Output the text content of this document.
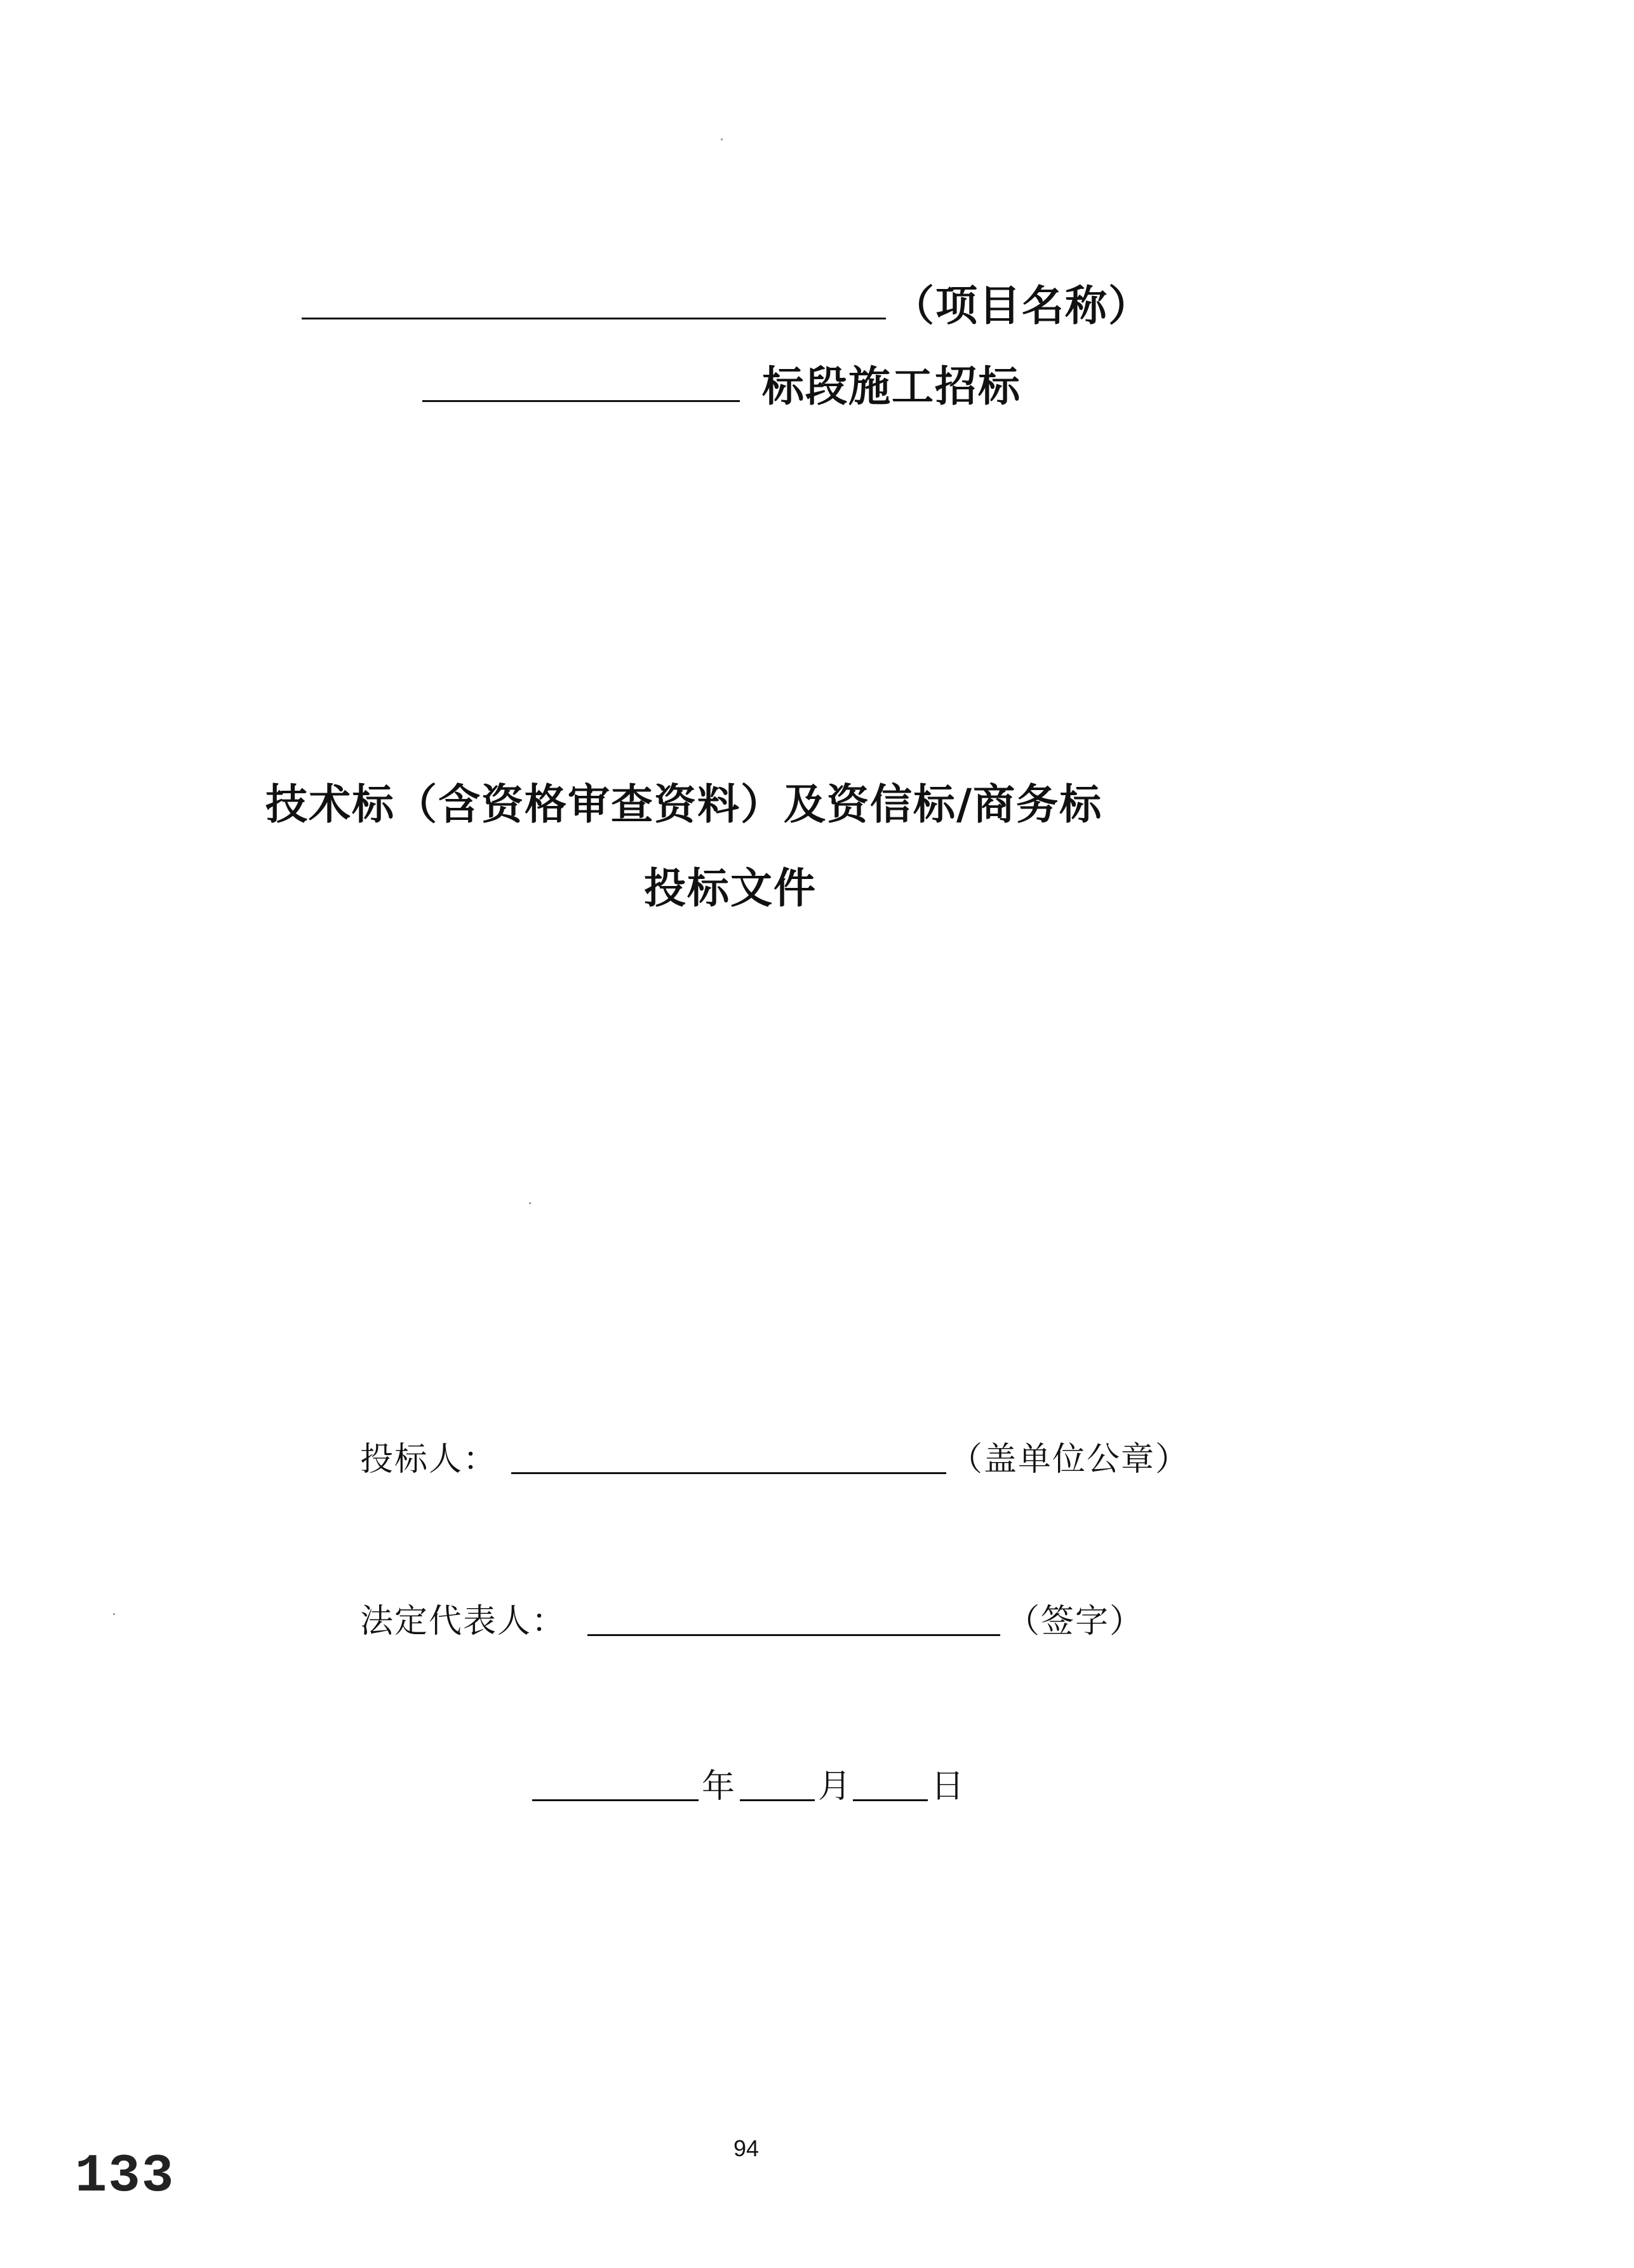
（项目名称）
标段施工招标
技术标（含资格审查资料）及资信标/商务标
投标文件
投标人：	（盖单位公章）
法定代表人：	（签字）
年 月 日
94
133
